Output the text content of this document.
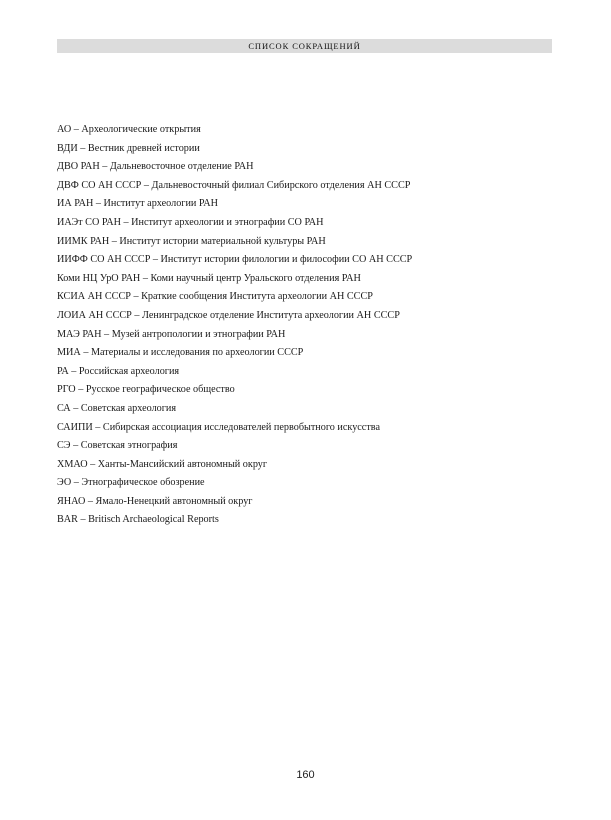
СПИСОК СОКРАЩЕНИЙ
АО – Археологические открытия
ВДИ – Вестник древней истории
ДВО РАН – Дальневосточное отделение РАН
ДВФ СО АН СССР – Дальневосточный филиал Сибирского отделения АН СССР
ИА РАН – Институт археологии РАН
ИАЭт СО РАН – Институт археологии и этнографии СО РАН
ИИМК РАН – Институт истории материальной культуры РАН
ИИФФ СО АН СССР – Институт истории филологии и философии СО АН СССР
Коми НЦ УрО РАН – Коми научный центр Уральского отделения РАН
КСИА АН СССР – Краткие сообщения Института археологии АН СССР
ЛОИА АН СССР – Ленинградское отделение Института археологии АН СССР
МАЭ РАН – Музей антропологии и этнографии РАН
МИА – Материалы и исследования по археологии СССР
РА – Российская археология
РГО – Русское географическое общество
СА – Советская археология
САИПИ – Сибирская ассоциация исследователей первобытного искусства
СЭ – Советская этнография
ХМАО – Ханты-Мансийский автономный округ
ЭО – Этнографическое обозрение
ЯНАО – Ямало-Ненецкий автономный округ
BAR – Britisch Archaeological Reports
160
